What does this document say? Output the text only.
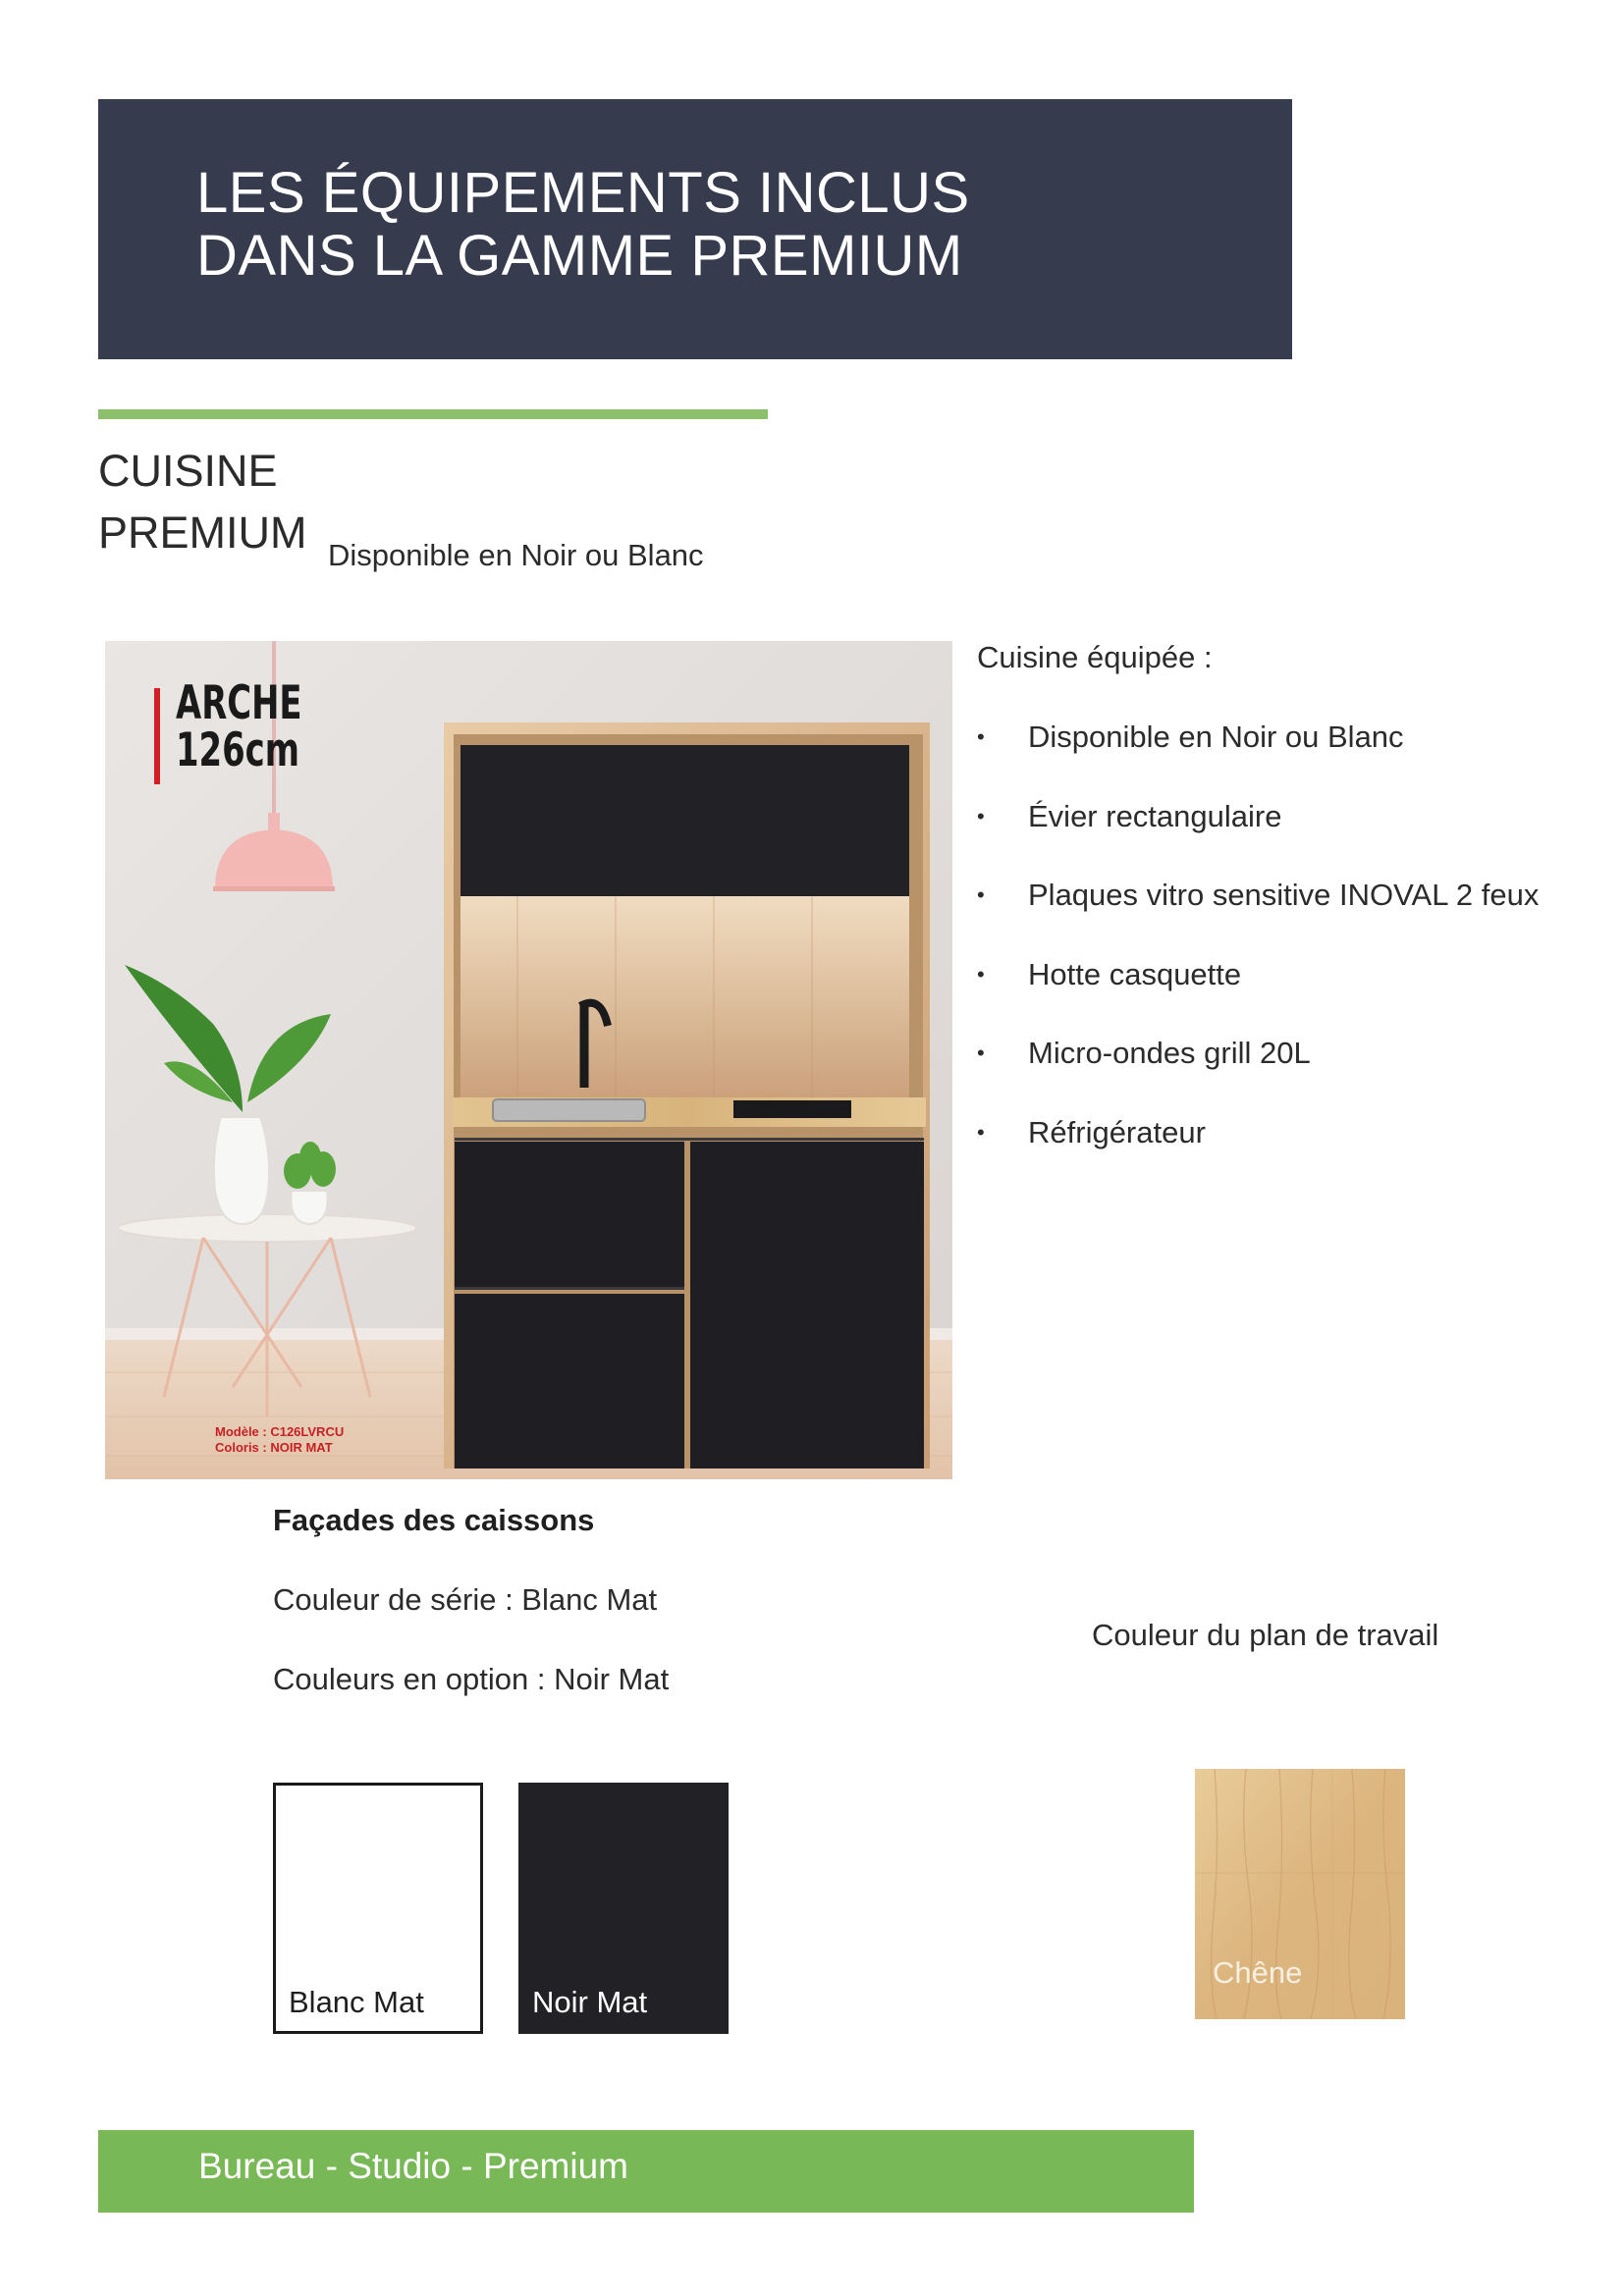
LES ÉQUIPEMENTS INCLUS
DANS LA GAMME PREMIUM
CUISINE
PREMIUM Disponible en Noir ou Blanc
ARCHE
126cm
Modèle : C126LVRCU
Coloris : NOIR MAT
Cuisine équipée :
• Disponible en Noir ou Blanc
• Évier rectangulaire
• Plaques vitro sensitive INOVAL 2 feux
• Hotte casquette
• Micro-ondes grill 20L
• Réfrigérateur
Façades des caissons
Couleur de série : Blanc Mat
Couleurs en option : Noir Mat
Couleur du plan de travail
Blanc Mat	Noir Mat
Chêne
Bureau - Studio - Premium
